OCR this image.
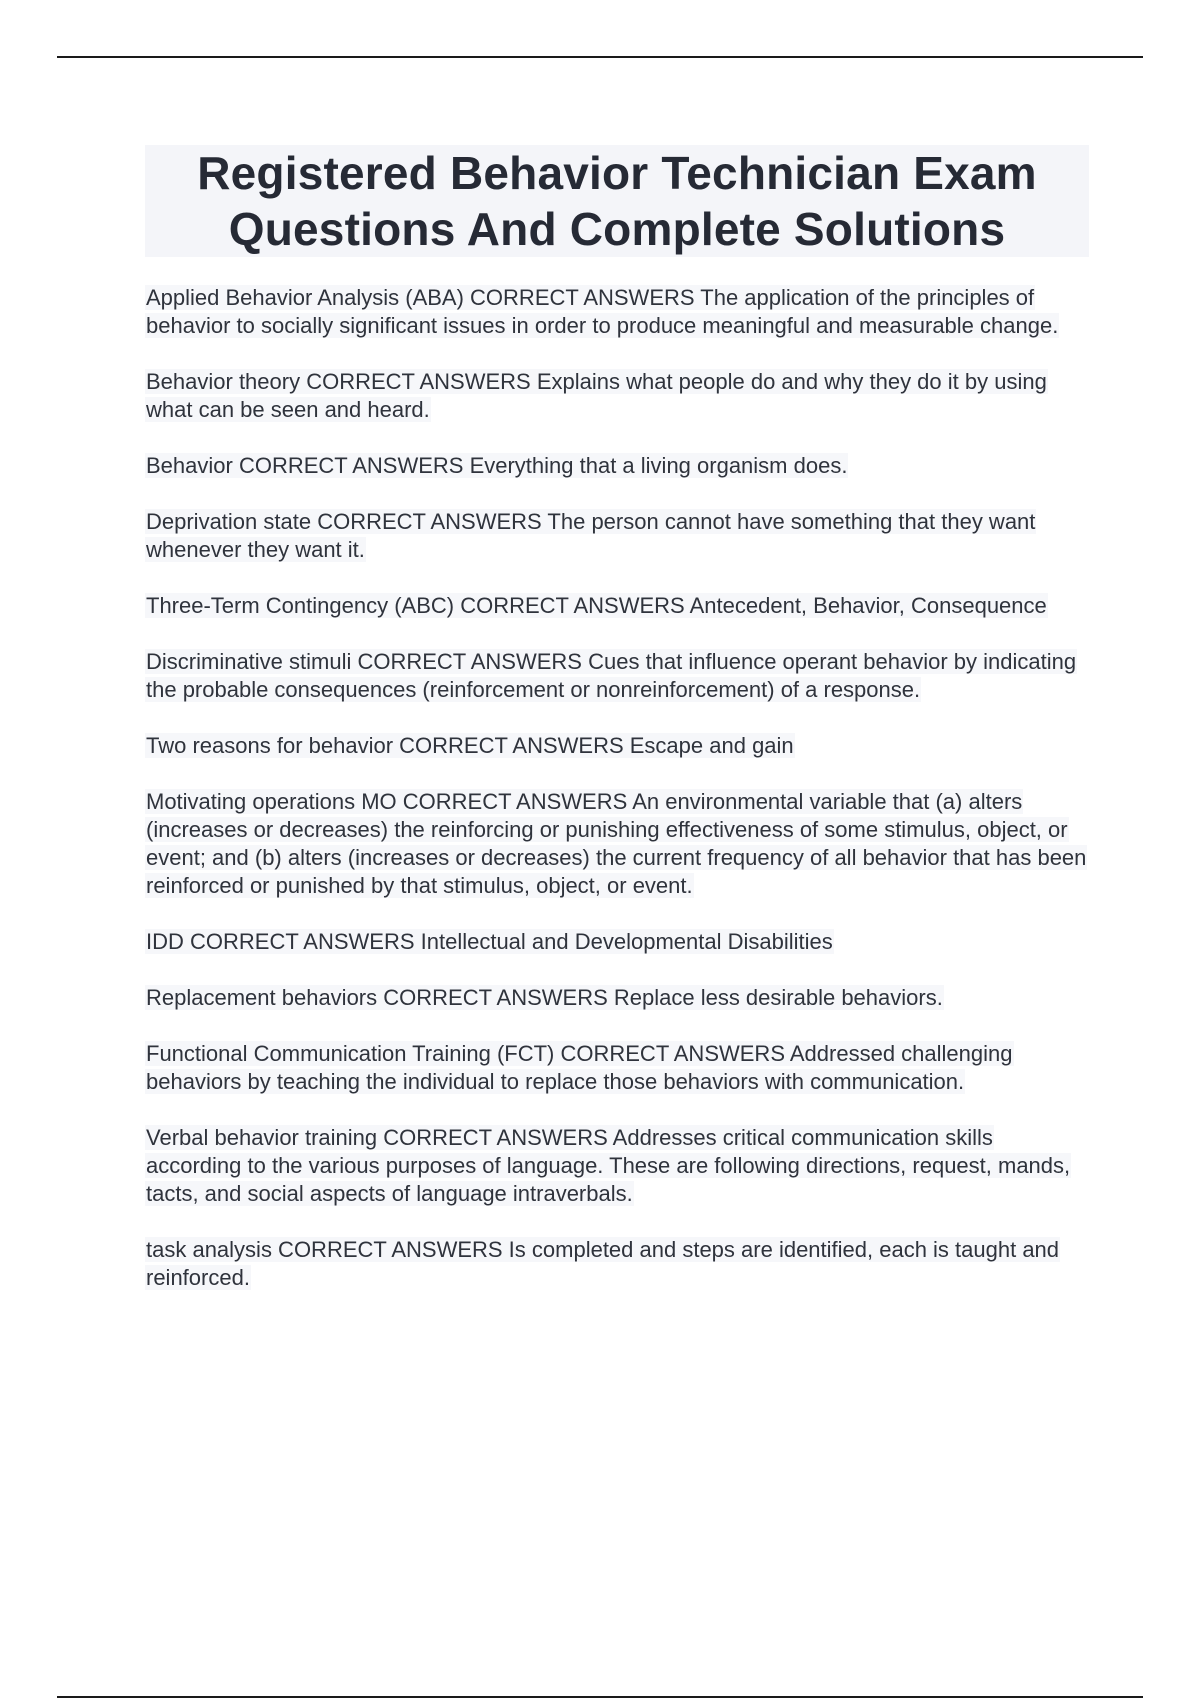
Registered Behavior Technician Exam
Questions And Complete Solutions

Applied Behavior Analysis (ABA) CORRECT ANSWERS The application of the principles of behavior to socially significant issues in order to produce meaningful and measurable change.

Behavior theory CORRECT ANSWERS Explains what people do and why they do it by using what can be seen and heard.

Behavior CORRECT ANSWERS Everything that a living organism does.

Deprivation state CORRECT ANSWERS The person cannot have something that they want whenever they want it.

Three-Term Contingency (ABC) CORRECT ANSWERS Antecedent, Behavior, Consequence

Discriminative stimuli CORRECT ANSWERS Cues that influence operant behavior by indicating the probable consequences (reinforcement or nonreinforcement) of a response.

Two reasons for behavior CORRECT ANSWERS Escape and gain

Motivating operations MO CORRECT ANSWERS An environmental variable that (a) alters (increases or decreases) the reinforcing or punishing effectiveness of some stimulus, object, or event; and (b) alters (increases or decreases) the current frequency of all behavior that has been reinforced or punished by that stimulus, object, or event.

IDD CORRECT ANSWERS Intellectual and Developmental Disabilities

Replacement behaviors CORRECT ANSWERS Replace less desirable behaviors.

Functional Communication Training (FCT) CORRECT ANSWERS Addressed challenging behaviors by teaching the individual to replace those behaviors with communication.

Verbal behavior training CORRECT ANSWERS Addresses critical communication skills according to the various purposes of language. These are following directions, request, mands, tacts, and social aspects of language intraverbals.

task analysis CORRECT ANSWERS Is completed and steps are identified, each is taught and reinforced.
